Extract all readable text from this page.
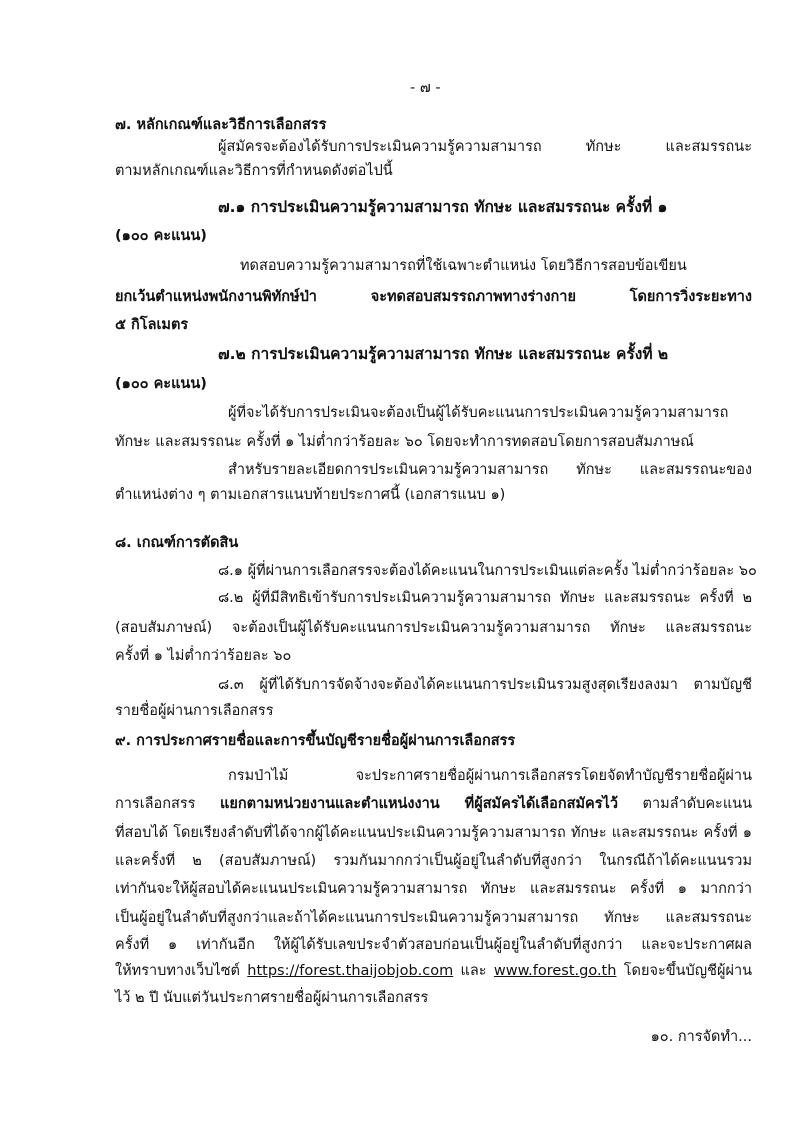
- ๗ -
๗. หลักเกณฑ์และวิธีการเลือกสรร
ผู้สมัครจะต้องได้รับการประเมินความรู้ความสามารถ ทักษะ และสมรรถนะ
ตามหลักเกณฑ์และวิธีการที่กำหนดดังต่อไปนี้
๗.๑ การประเมินความรู้ความสามารถ ทักษะ และสมรรถนะ ครั้งที่ ๑
(๑๐๐ คะแนน)
ทดสอบความรู้ความสามารถที่ใช้เฉพาะตำแหน่ง โดยวิธีการสอบข้อเขียน
ยกเว้นตำแหน่งพนักงานพิทักษ์ป่า จะทดสอบสมรรถภาพทางร่างกาย โดยการวิ่งระยะทาง
๕ กิโลเมตร
๗.๒ การประเมินความรู้ความสามารถ ทักษะ และสมรรถนะ ครั้งที่ ๒
(๑๐๐ คะแนน)
ผู้ที่จะได้รับการประเมินจะต้องเป็นผู้ได้รับคะแนนการประเมินความรู้ความสามารถ
ทักษะ และสมรรถนะ ครั้งที่ ๑ ไม่ต่ำกว่าร้อยละ ๖๐ โดยจะทำการทดสอบโดยการสอบสัมภาษณ์
สำหรับรายละเอียดการประเมินความรู้ความสามารถ ทักษะ และสมรรถนะของ
ตำแหน่งต่าง ๆ ตามเอกสารแนบท้ายประกาศนี้ (เอกสารแนบ ๑)
๘. เกณฑ์การตัดสิน
๘.๑ ผู้ที่ผ่านการเลือกสรรจะต้องได้คะแนนในการประเมินแต่ละครั้ง ไม่ต่ำกว่าร้อยละ ๖๐
๘.๒ ผู้ที่มีสิทธิเข้ารับการประเมินความรู้ความสามารถ ทักษะ และสมรรถนะ ครั้งที่ ๒
(สอบสัมภาษณ์) จะต้องเป็นผู้ได้รับคะแนนการประเมินความรู้ความสามารถ ทักษะ และสมรรถนะ
ครั้งที่ ๑ ไม่ต่ำกว่าร้อยละ ๖๐
๘.๓ ผู้ที่ได้รับการจัดจ้างจะต้องได้คะแนนการประเมินรวมสูงสุดเรียงลงมา ตามบัญชี
รายชื่อผู้ผ่านการเลือกสรร
๙. การประกาศรายชื่อและการขึ้นบัญชีรายชื่อผู้ผ่านการเลือกสรร
กรมป่าไม้ จะประกาศรายชื่อผู้ผ่านการเลือกสรรโดยจัดทำบัญชีรายชื่อผู้ผ่าน
การเลือกสรร แยกตามหน่วยงานและตำแหน่งงาน ที่ผู้สมัครได้เลือกสมัครไว้ ตามลำดับคะแนน
ที่สอบได้ โดยเรียงลำดับที่ได้จากผู้ได้คะแนนประเมินความรู้ความสามารถ ทักษะ และสมรรถนะ ครั้งที่ ๑
และครั้งที่ ๒ (สอบสัมภาษณ์) รวมกันมากกว่าเป็นผู้อยู่ในลำดับที่สูงกว่า ในกรณีถ้าได้คะแนนรวม
เท่ากันจะให้ผู้สอบได้คะแนนประเมินความรู้ความสามารถ ทักษะ และสมรรถนะ ครั้งที่ ๑ มากกว่า
เป็นผู้อยู่ในลำดับที่สูงกว่าและถ้าได้คะแนนการประเมินความรู้ความสามารถ ทักษะ และสมรรถนะ
ครั้งที่ ๑ เท่ากันอีก ให้ผู้ได้รับเลขประจำตัวสอบก่อนเป็นผู้อยู่ในลำดับที่สูงกว่า และจะประกาศผล
ให้ทราบทางเว็บไซต์ https://forest.thaijobjob.com และ www.forest.go.th โดยจะขึ้นบัญชีผู้ผ่าน
ไว้ ๒ ปี นับแต่วันประกาศรายชื่อผู้ผ่านการเลือกสรร
๑๐. การจัดทำ...
